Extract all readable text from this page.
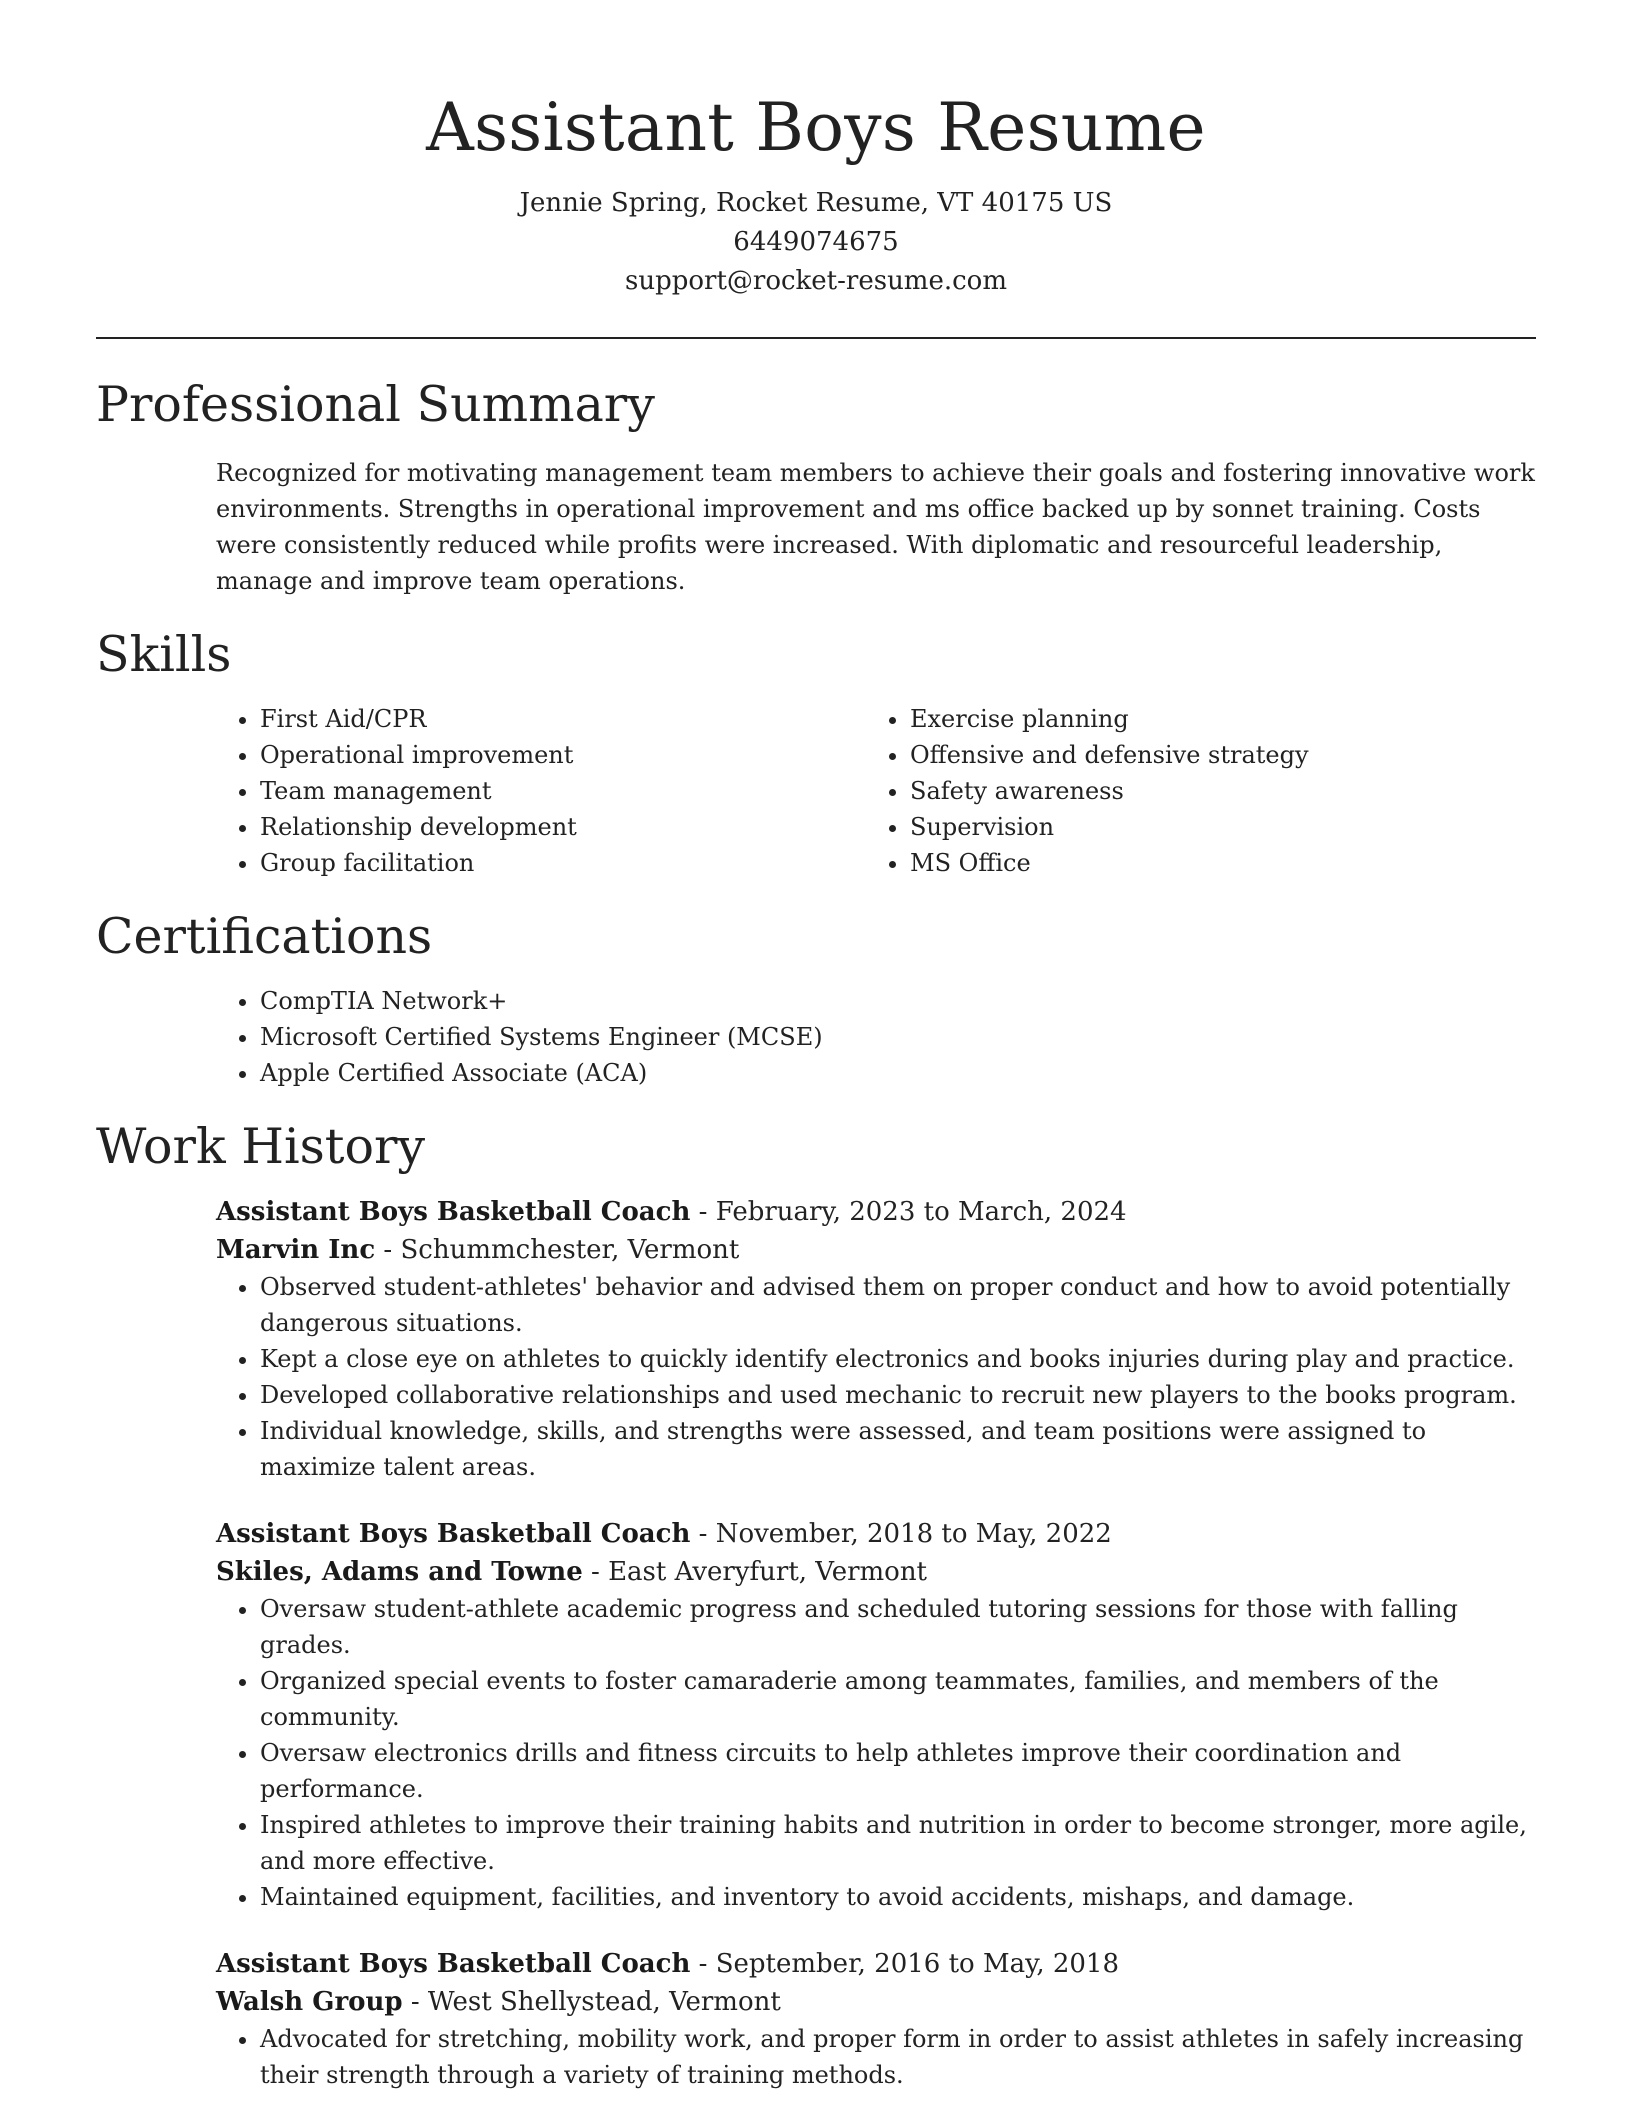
Assistant Boys Resume
Jennie Spring, Rocket Resume, VT 40175 US
6449074675
support@rocket-resume.com
Professional Summary

Recognized for motivating management team members to achieve their goals and fostering innovative work environments. Strengths in operational improvement and ms office backed up by sonnet training. Costs were consistently reduced while profits were increased. With diplomatic and resourceful leadership, manage and improve team operations.

Skills
• First Aid/CPR
• Operational improvement
• Team management
• Relationship development
• Group facilitation
• Exercise planning
• Offensive and defensive strategy
• Safety awareness
• Supervision
• MS Office
Certifications
• CompTIA Network+
• Microsoft Certified Systems Engineer (MCSE)
• Apple Certified Associate (ACA)
Work History
Assistant Boys Basketball Coach - February, 2023 to March, 2024
Marvin Inc - Schummchester, Vermont
• Observed student-athletes' behavior and advised them on proper conduct and how to avoid potentially dangerous situations.
• Kept a close eye on athletes to quickly identify electronics and books injuries during play and practice.
• Developed collaborative relationships and used mechanic to recruit new players to the books program.
• Individual knowledge, skills, and strengths were assessed, and team positions were assigned to maximize talent areas.
Assistant Boys Basketball Coach - November, 2018 to May, 2022
Skiles, Adams and Towne - East Averyfurt, Vermont
• Oversaw student-athlete academic progress and scheduled tutoring sessions for those with falling grades.
• Organized special events to foster camaraderie among teammates, families, and members of the community.
• Oversaw electronics drills and fitness circuits to help athletes improve their coordination and performance.
• Inspired athletes to improve their training habits and nutrition in order to become stronger, more agile, and more effective.
• Maintained equipment, facilities, and inventory to avoid accidents, mishaps, and damage.
Assistant Boys Basketball Coach - September, 2016 to May, 2018
Walsh Group - West Shellystead, Vermont
• Advocated for stretching, mobility work, and proper form in order to assist athletes in safely increasing their strength through a variety of training methods.
